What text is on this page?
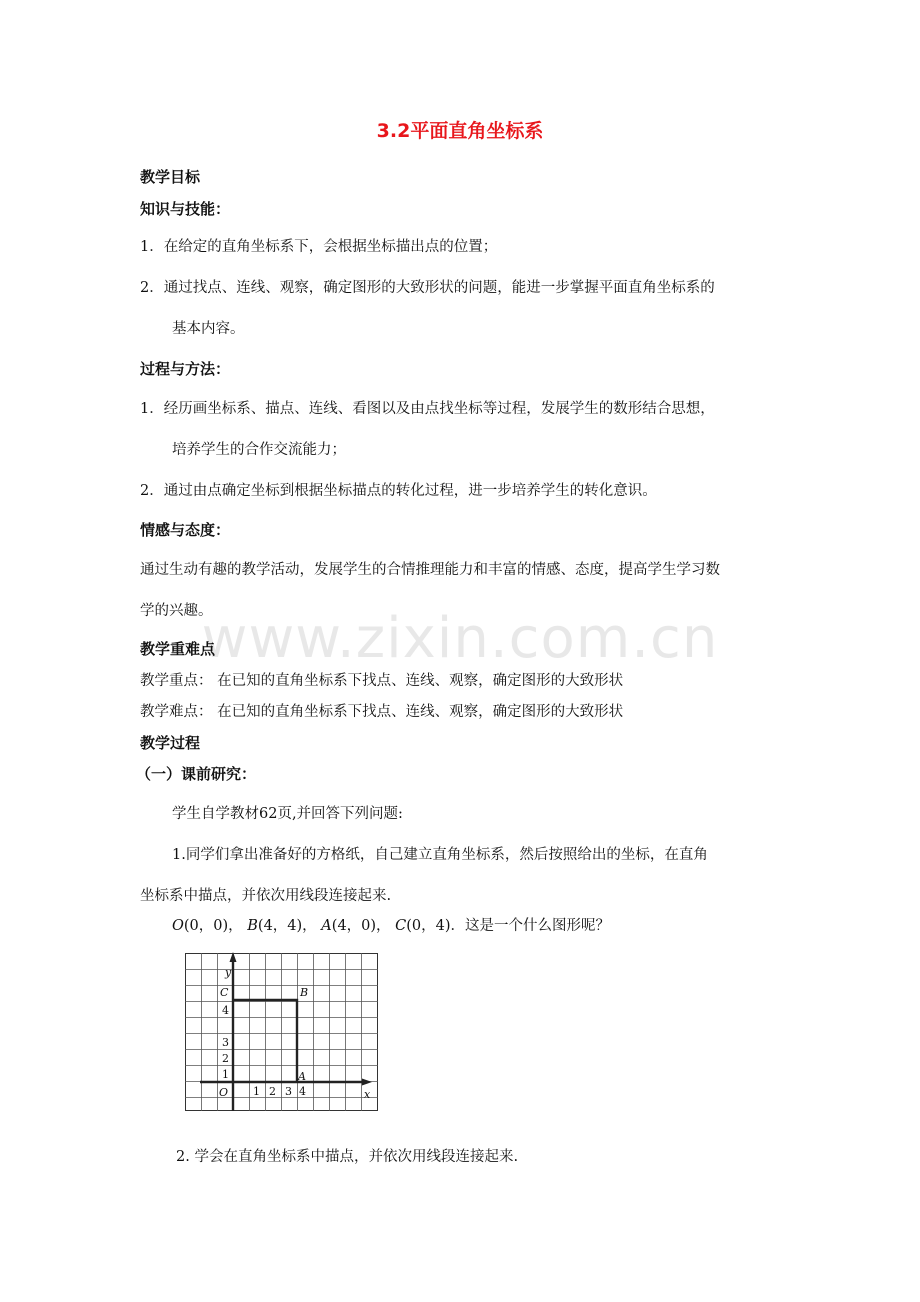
3.2平面直角坐标系
www.zixin.com.cn
教学目标
知识与技能：
1．在给定的直角坐标系下，会根据坐标描出点的位置；
2．通过找点、连线、观察，确定图形的大致形状的问题，能进一步掌握平面直角坐标系的
基本内容。
过程与方法：
1．经历画坐标系、描点、连线、看图以及由点找坐标等过程，发展学生的数形结合思想，
培养学生的合作交流能力；
2．通过由点确定坐标到根据坐标描点的转化过程，进一步培养学生的转化意识。
情感与态度：
通过生动有趣的教学活动，发展学生的合情推理能力和丰富的情感、态度，提高学生学习数
学的兴趣。
教学重难点
教学重点： 在已知的直角坐标系下找点、连线、观察，确定图形的大致形状
教学难点： 在已知的直角坐标系下找点、连线、观察，确定图形的大致形状
教学过程
（一）课前研究：
学生自学教材62页,并回答下列问题:
1.同学们拿出准备好的方格纸，自己建立直角坐标系，然后按照给出的坐标，在直角
坐标系中描点，并依次用线段连接起来.
O(0，0)， B(4，4)， A(4，0)， C(0，4)．这是一个什么图形呢？
y
x
C	B
A
O
1
2
3
4
1 2 3 4
2. 学会在直角坐标系中描点，并依次用线段连接起来.
